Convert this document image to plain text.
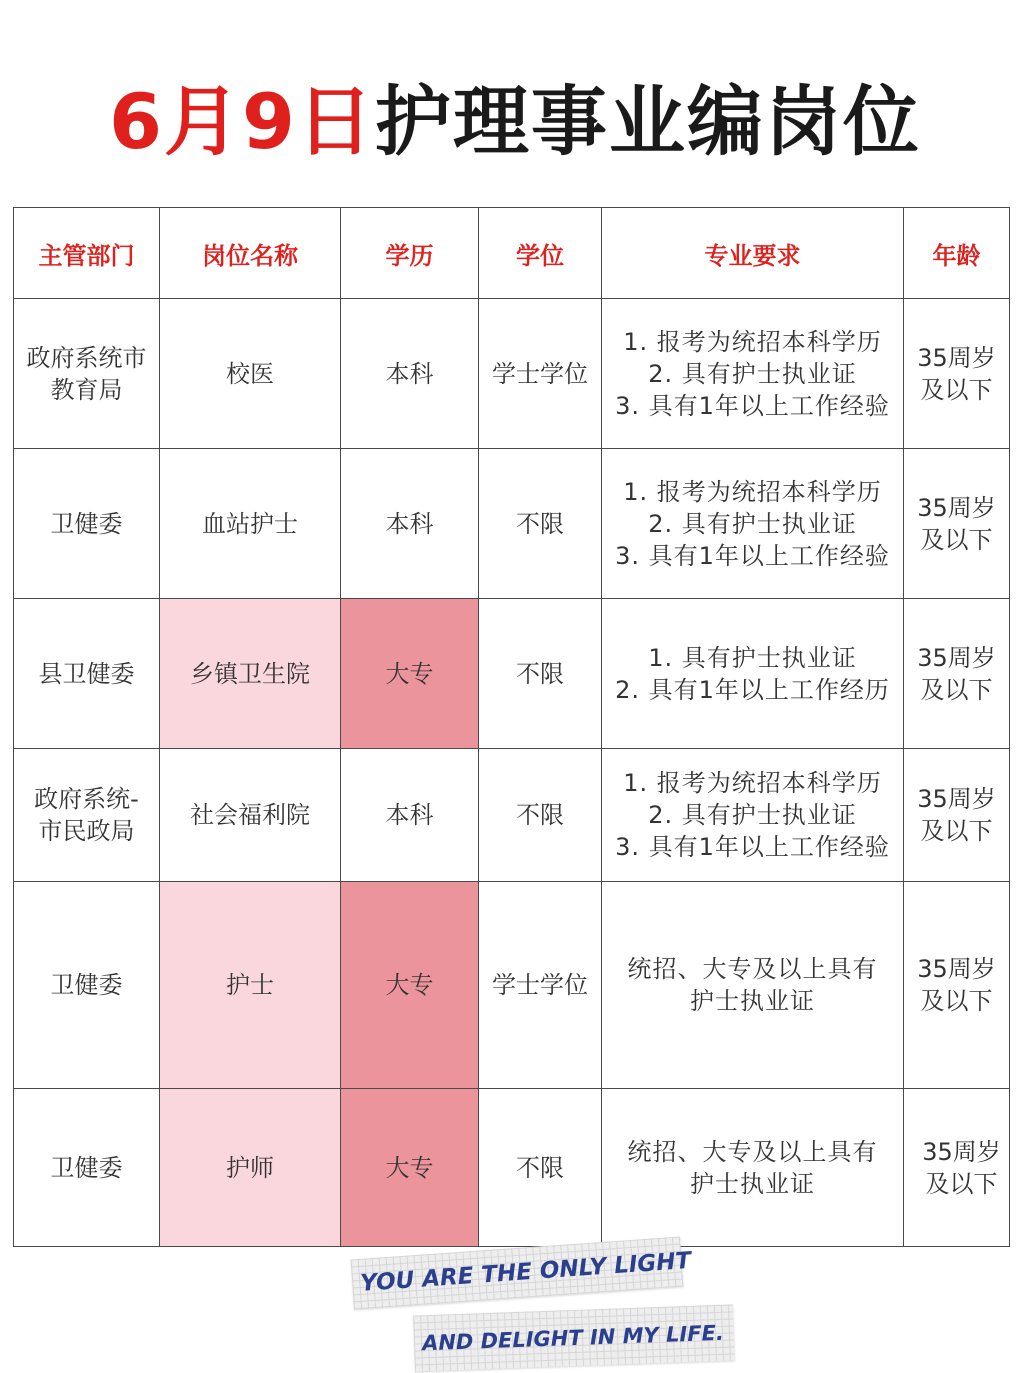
6月9日护理事业编岗位
主管部门	岗位名称	学历	学位	专业要求	年龄

政府系统市
教育局	校医	本科	学士学位	1. 报考为统招本科学历
2. 具有护士执业证
3. 具有1年以上工作经验	35周岁
及以下

卫健委	血站护士	本科	不限	1. 报考为统招本科学历
2. 具有护士执业证
3. 具有1年以上工作经验	35周岁
及以下

县卫健委	乡镇卫生院	大专	不限	1. 具有护士执业证
2. 具有1年以上工作经历	35周岁
及以下

政府系统-
市民政局	社会福利院	本科	不限	1. 报考为统招本科学历
2. 具有护士执业证
3. 具有1年以上工作经验	35周岁
及以下

卫健委	护士	大专	学士学位	统招、大专及以上具有
护士执业证	35周岁
及以下

卫健委	护师	大专	不限	统招、大专及以上具有
护士执业证	35周岁
及以下
YOU ARE THE ONLY LIGHT
AND DELIGHT IN MY LIFE.
